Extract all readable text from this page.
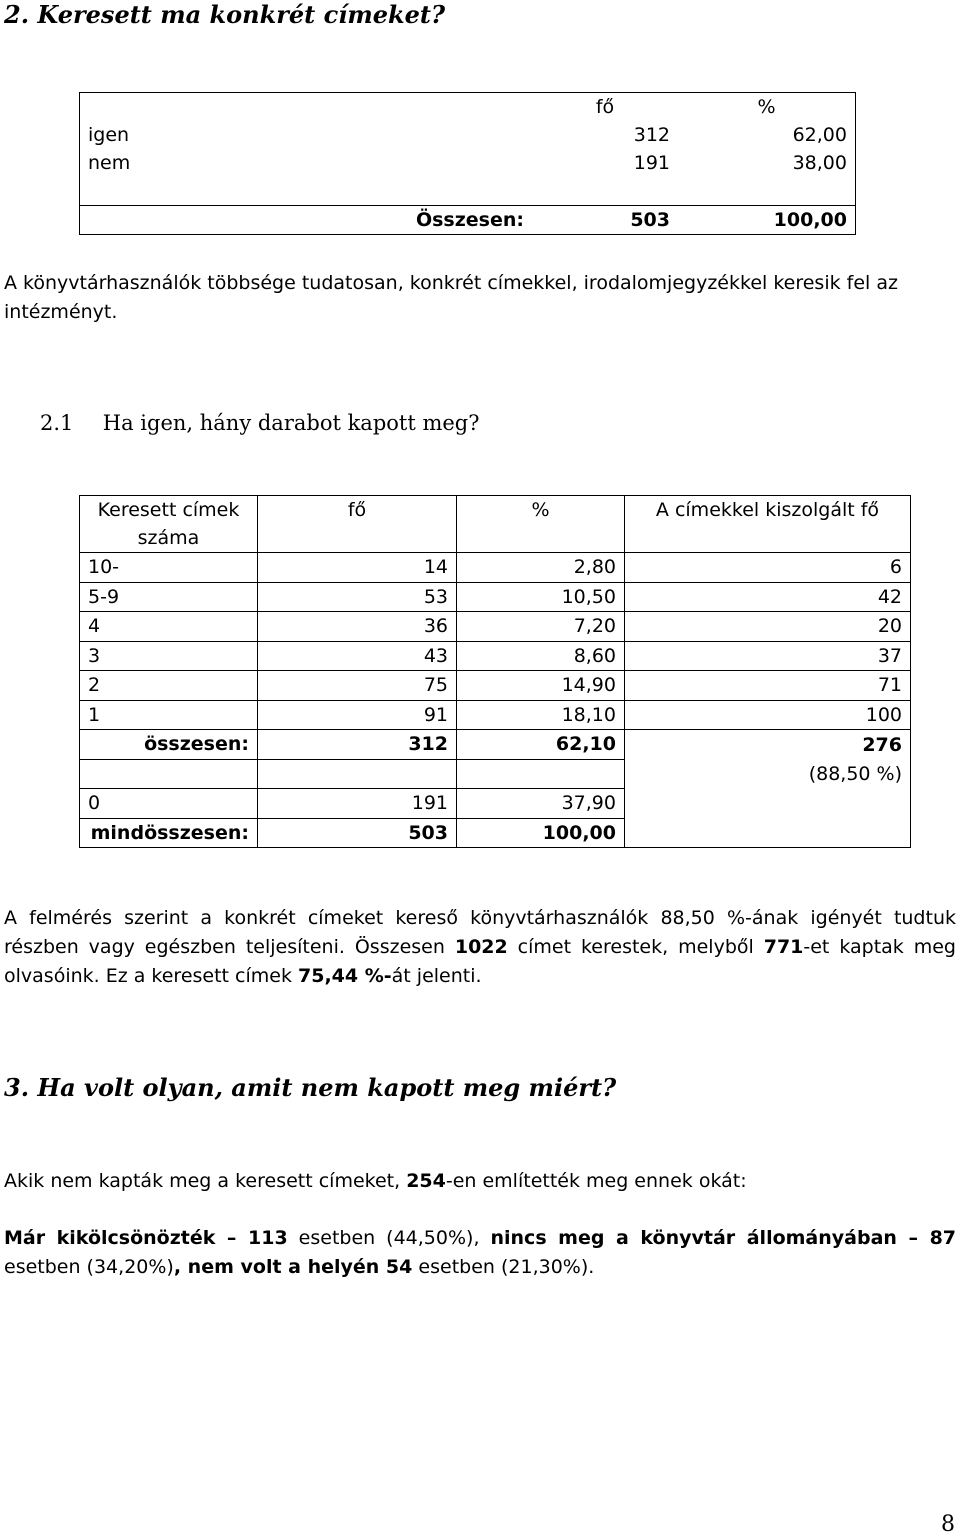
2. Keresett ma konkrét címeket?
	fő	%
igen	312	62,00
nem	191	38,00

Összesen:	503	100,00
A könyvtárhasználók többsége tudatosan, konkrét címekkel, irodalomjegyzékkel keresik fel az intézményt.
2.1 Ha igen, hány darabot kapott meg?
Keresett címek száma	fő	%	A címekkel kiszolgált fő
10-	14	2,80	6
5-9	53	10,50	42
4	36	7,20	20
3	43	8,60	37
2	75	14,90	71
1	91	18,10	100
összesen:	312	62,10	276
			(88,50 %)
0	191	37,90	
mindösszesen:	503	100,00	
A felmérés szerint a konkrét címeket kereső könyvtárhasználók 88,50 %-ának igényét tudtuk részben vagy egészben teljesíteni. Összesen 1022 címet kerestek, melyből 771-et kaptak meg olvasóink. Ez a keresett címek 75,44 %-át jelenti.
3. Ha volt olyan, amit nem kapott meg miért?
Akik nem kapták meg a keresett címeket, 254-en említették meg ennek okát:
Már kikölcsönözték – 113 esetben (44,50%), nincs meg a könyvtár állományában – 87 esetben (34,20%), nem volt a helyén 54 esetben (21,30%).
8
